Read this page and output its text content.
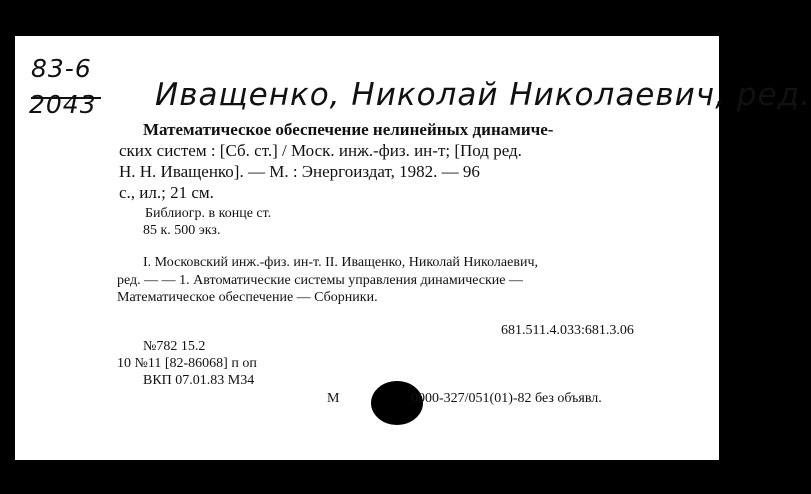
83-6
2043 Иващенко, Николай Николаевич, ред.
Математическое обеспечение нелинейных динамиче-
ских систем : [Сб. ст.] / Моск. инж.-физ. ин-т; [Под ред.
Н. Н. Иващенко]. — М. : Энергоиздат, 1982. — 96
с., ил.; 21 см.
Библиогр. в конце ст.
85 к. 500 экз.
I. Московский инж.-физ. ин-т. II. Иващенко, Николай Николаевич,
ред. — — 1. Автоматические системы управления динамические —
Математическое обеспечение — Сборники.
681.511.4.033:681.3.06
№782 15.2
10 №11 [82-86068] п оп
ВКП 07.01.83 M34
М	0000-327/051(01)-82 без объявл.
